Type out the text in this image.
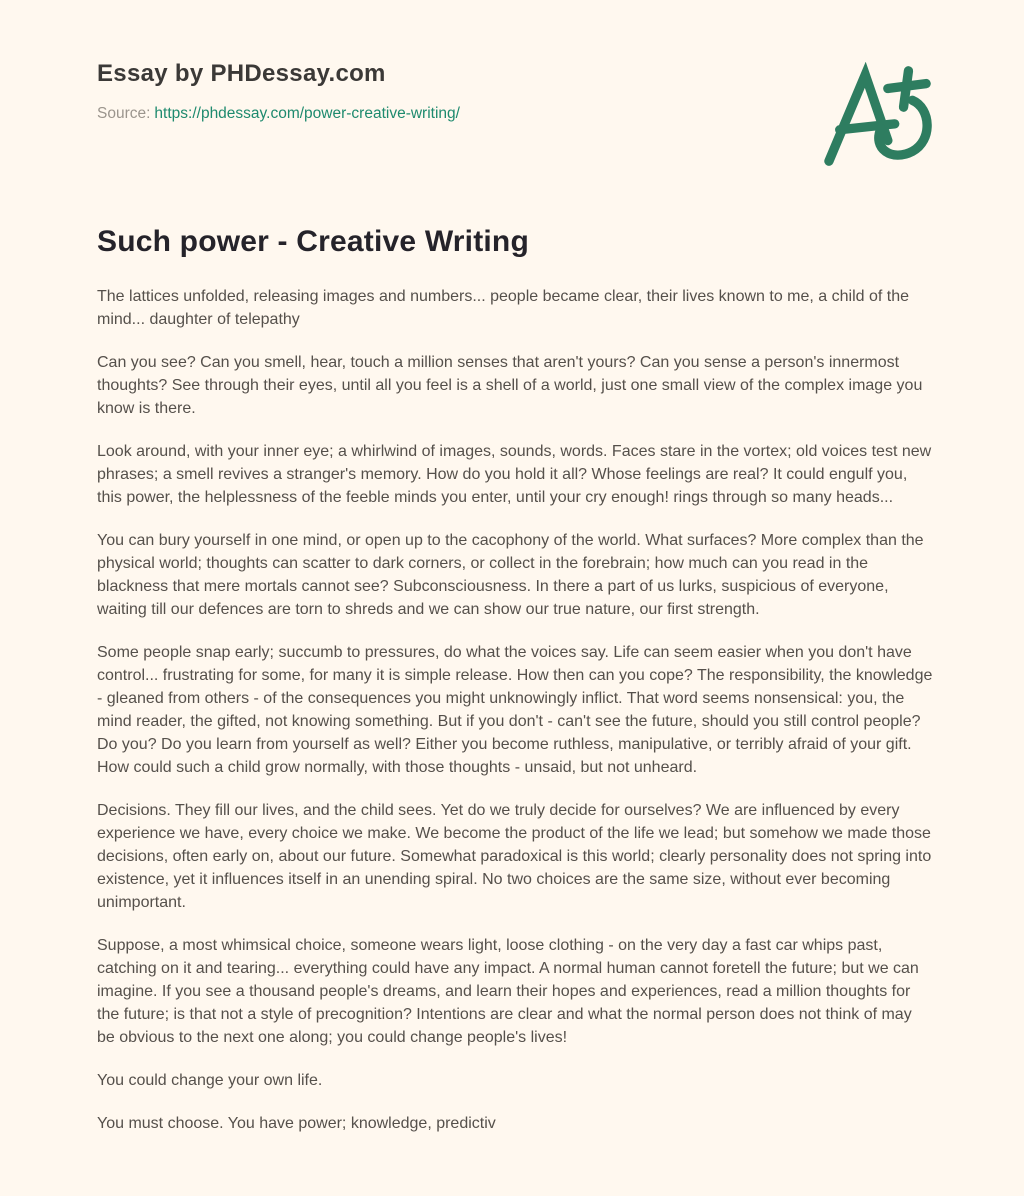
Essay by PHDessay.com
Source: https://phdessay.com/power-creative-writing/
Such power - Creative Writing

The lattices unfolded, releasing images and numbers... people became clear, their lives known to me, a child of the mind... daughter of telepathy

Can you see? Can you smell, hear, touch a million senses that aren't yours? Can you sense a person's innermost thoughts? See through their eyes, until all you feel is a shell of a world, just one small view of the complex image you know is there.

Look around, with your inner eye; a whirlwind of images, sounds, words. Faces stare in the vortex; old voices test new phrases; a smell revives a stranger's memory. How do you hold it all? Whose feelings are real? It could engulf you, this power, the helplessness of the feeble minds you enter, until your cry enough! rings through so many heads...

You can bury yourself in one mind, or open up to the cacophony of the world. What surfaces? More complex than the physical world; thoughts can scatter to dark corners, or collect in the forebrain; how much can you read in the blackness that mere mortals cannot see? Subconsciousness. In there a part of us lurks, suspicious of everyone, waiting till our defences are torn to shreds and we can show our true nature, our first strength.

Some people snap early; succumb to pressures, do what the voices say. Life can seem easier when you don't have control... frustrating for some, for many it is simple release. How then can you cope? The responsibility, the knowledge - gleaned from others - of the consequences you might unknowingly inflict. That word seems nonsensical: you, the mind reader, the gifted, not knowing something. But if you don't - can't see the future, should you still control people? Do you? Do you learn from yourself as well? Either you become ruthless, manipulative, or terribly afraid of your gift. How could such a child grow normally, with those thoughts - unsaid, but not unheard.

Decisions. They fill our lives, and the child sees. Yet do we truly decide for ourselves? We are influenced by every experience we have, every choice we make. We become the product of the life we lead; but somehow we made those decisions, often early on, about our future. Somewhat paradoxical is this world; clearly personality does not spring into existence, yet it influences itself in an unending spiral. No two choices are the same size, without ever becoming unimportant.

Suppose, a most whimsical choice, someone wears light, loose clothing - on the very day a fast car whips past, catching on it and tearing... everything could have any impact. A normal human cannot foretell the future; but we can imagine. If you see a thousand people's dreams, and learn their hopes and experiences, read a million thoughts for the future; is that not a style of precognition? Intentions are clear and what the normal person does not think of may be obvious to the next one along; you could change people's lives!

You could change your own life.

You must choose. You have power; knowledge, predictiv
